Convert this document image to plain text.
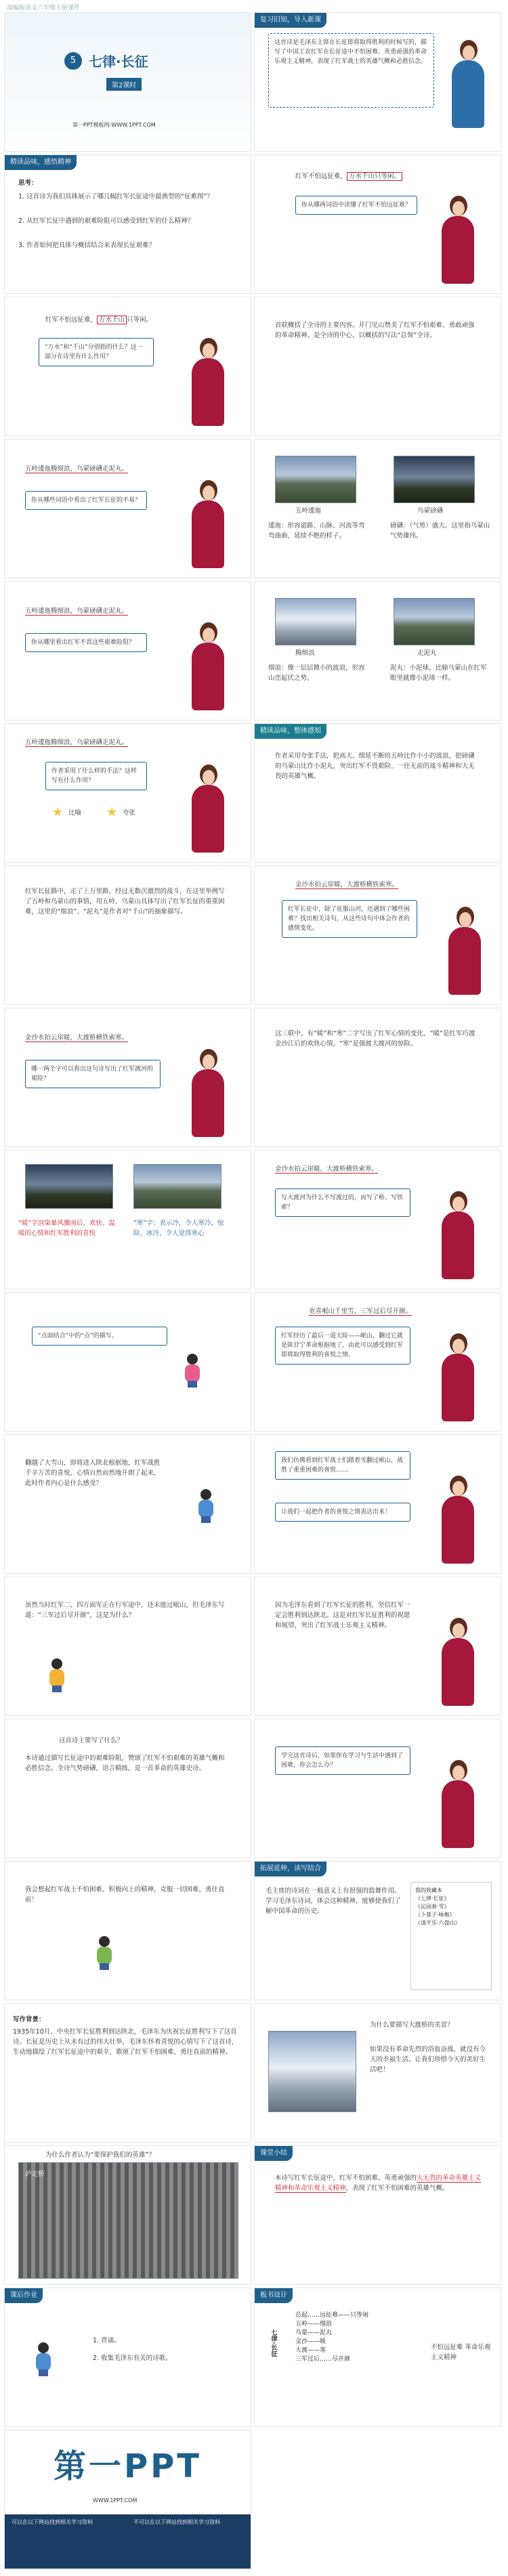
部编版语文六年级上册课件
5 七律·长征
第2课时
第一PPT模板网-WWW.1PPT.COM
复习旧知，导入新课
这首诗是毛泽东主席在长征即将取得胜利的时候写的，描写了中国工农红军在长征途中不怕困难、英勇顽强的革命乐观主义精神，表现了红军战士的英雄气概和必胜信念。
精读品味，感悟精神
思考：
1. 这首诗为我们具体展示了哪几幅红军长征途中最典型的“征难图”？
2. 从红军长征中遇到的艰难险阻可以感受到红军的什么精神？
3. 作者如何把具体与概括结合来表现长征艰难？
红军不怕远征难， 万水千山只等闲。
你从哪两词语中读懂了红军不怕远征难？
红军不怕远征难， 万水千山 只等闲。
“万水”和“千山”分别指的什么？这一部分在诗里有什么作用？
首联概括了全诗的主要内容。开门见山赞美了红军不怕艰难、勇敢顽强的革命精神。是全诗的中心，以概括的写法“总领”全诗。
五岭逶迤腾细浪，乌蒙磅礴走泥丸。
你从哪些词语中看出了红军长征的不易？
五岭逶迤	乌蒙磅礴
逶迤：形容道路、山脉、河流等弯弯曲曲，延续不绝的样子。
磅礴：（气势）盛大。这里指乌蒙山气势雄伟。
五岭逶迤腾细浪，乌蒙磅礴走泥丸。
你从哪里看出红军不畏这些艰难险阻？
腾细浪	走泥丸
细浪：像一层层微小的波浪，形容山峦起伏之势。
泥丸：小泥球，比喻乌蒙山在红军眼里就像小泥球一样。
五岭逶迤腾细浪，乌蒙磅礴走泥丸。
作者采用了什么样的手法？这样写有什么作用？
★ 比喻 ★ 夸张
精读品味，整体感知
作者采用夸张手法，把高大、绵延不断的五岭比作小小的波浪，把磅礴的乌蒙山比作小泥丸，突出红军不畏艰险、一往无前的战斗精神和大无畏的英雄气概。
红军长征路中，走了上万里路，经过无数次激烈的战斗，在这里举例写了五岭和乌蒙山的事情，用五岭、乌蒙山具体写出了红军长征的重重困难，这里的“细浪”、“泥丸”是作者对“千山”的抽象描写。
金沙水拍云崖暖，大渡桥横铁索寒。
红军长征中，除了征服山河，还遇到了哪些困难？找出相关诗句，从这些诗句中体会作者的感情变化。
金沙水拍云崖暖，大渡桥横铁索寒。
哪一两个字可以看出这句诗写出了红军渡河的艰险？
这三联中，有“暖”和“寒”二字写出了红军心情的变化，“暖”是红军巧渡金沙江后的欢快心情，“寒”是强渡大渡河的惊险。
“暖”字渲染暴风骤雨后，欢快、温暖的心情和红军胜利的喜悦
“寒”字：表示冷，令人寒冷，惊险、冰冷，令人觉得寒心
金沙水拍云崖暖，大渡桥横铁索寒。
写大渡河为什么不写渡过的，而写了桥、写铁索？
“点面结合”中的“点”的描写。
更喜岷山千里雪，三军过后尽开颜。
红军经历了最后一道天险——岷山，翻过它就是陕甘宁革命根据地了，由此可以感受到红军即将取得胜利的喜悦之情。
翻越了大雪山，即将进入陕北根据地，红军战胜千辛万苦的喜悦，心情自然而然地开朗了起来，此时作者内心是什么感受？
我们仿佛看到红军战士们踏着雪翻过岷山，战胜了重重困难的喜悦……
让我们一起把作者的喜悦之情表达出来！
虽然当时红军二、四方面军正在行军途中，还未能过岷山，但毛泽东写道：“三军过后尽开颜”，这是为什么？
因为毛泽东看到了红军长征的胜利，坚信红军一定会胜利到达陕北。这是对红军长征胜利的祝愿和展望，突出了红军战士乐观主义精神。
这首诗主要写了什么？
本诗通过描写长征途中的艰难险阻，赞颂了红军不怕艰难的英雄气概和必胜信念。全诗气势磅礴，语言精练，是一首革命的英雄史诗。
学完这首诗后，如果你在学习与生活中遇到了困难，你会怎么办？
我会想起红军战士不怕困难、积极向上的精神，克服一切困难，勇往直前！
拓展延伸，读写结合
毛主席的诗词在一般意义上有很强的鼓舞作用。学习毛泽东诗词，体会这种精神，能够使我们了解中国革命的历史。
我的收藏本
《七律·长征》
《沁园春·雪》
《卜算子·咏梅》
《清平乐·六盘山》
写作背景：
1935年10月，中央红军长征胜利到达陕北，毛泽东为庆祝长征胜利写下了这首诗。长征是历史上从未有过的伟大壮举，毛泽东怀着喜悦的心情写下了这首诗，生动地描绘了红军长征途中的艰辛，歌颂了红军不怕困难、勇往直前的精神。
为什么要描写大渡桥的美景？
如果没有革命先烈的浴血奋战，就没有今天的幸福生活。让我们珍惜今天的美好生活吧！
为什么作者认为“要保护我们的英雄”？
泸定桥
课堂小结
本诗写红军长征途中，红军不怕困难、英勇顽强的大无畏的革命英雄主义精神和革命乐观主义精神，表现了红军不怕困难的英雄气概。
课后作业
1. 背诵。
2. 收集毛泽东有关的诗歌。
板书设计
七律·长征
总起……远征难——只等闲
五岭——细浪
乌蒙——泥丸
金沙——暖
大渡——寒
三军过后……尽开颜
不怕远征难 革命乐观主义精神
第一PPT
WWW.1PPT.COM
可以在以下网站找到相关学习资料	不可以在以下网站找到相关学习资料
